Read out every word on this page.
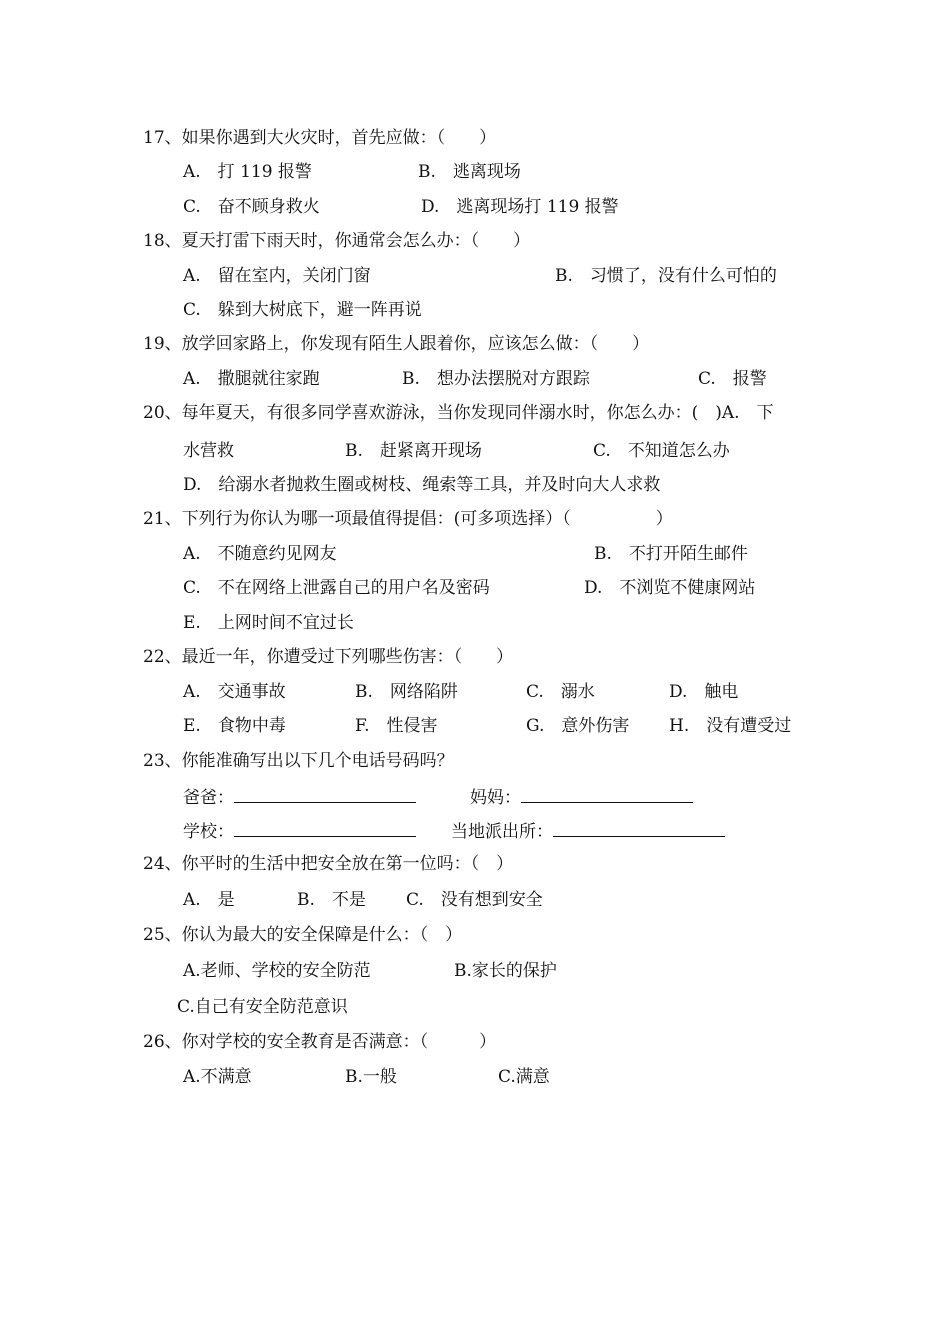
17、如果你遇到大火灾时，首先应做：（　　）
A.　打 119 报警	B.　逃离现场
C.　奋不顾身救火	D.　逃离现场打 119 报警
18、夏天打雷下雨天时，你通常会怎么办：（　　）
A.　留在室内，关闭门窗	B.　习惯了，没有什么可怕的
C.　躲到大树底下，避一阵再说
19、放学回家路上，你发现有陌生人跟着你，应该怎么做：（　　）
A.　撒腿就往家跑	B.　想办法摆脱对方跟踪	C.　报警
20、每年夏天，有很多同学喜欢游泳，当你发现同伴溺水时，你怎么办：(　)A.　下
水营救	B.　赶紧离开现场	C.　不知道怎么办
D.　给溺水者抛救生圈或树枝、绳索等工具，并及时向大人求救
21、下列行为你认为哪一项最值得提倡：(可多项选择）（　　　　　）
A.　不随意约见网友	B.　不打开陌生邮件
C.　不在网络上泄露自己的用户名及密码	D.　不浏览不健康网站
E.　上网时间不宜过长
22、最近一年，你遭受过下列哪些伤害：（　　）
A.　交通事故	B.　网络陷阱	C.　溺水	D.　触电
E.　食物中毒	F.　性侵害	G.　意外伤害 H.　没有遭受过
23、你能准确写出以下几个电话号码吗？
爸爸：	妈妈：
学校：	当地派出所：
24、你平时的生活中把安全放在第一位吗：（　）
A.　是	B.　不是 C.　没有想到安全
25、你认为最大的安全保障是什么：（　）
A.老师、学校的安全防范	B.家长的保护
C.自己有安全防范意识
26、你对学校的安全教育是否满意：（　　　）
A.不满意	B.一般	C.满意
